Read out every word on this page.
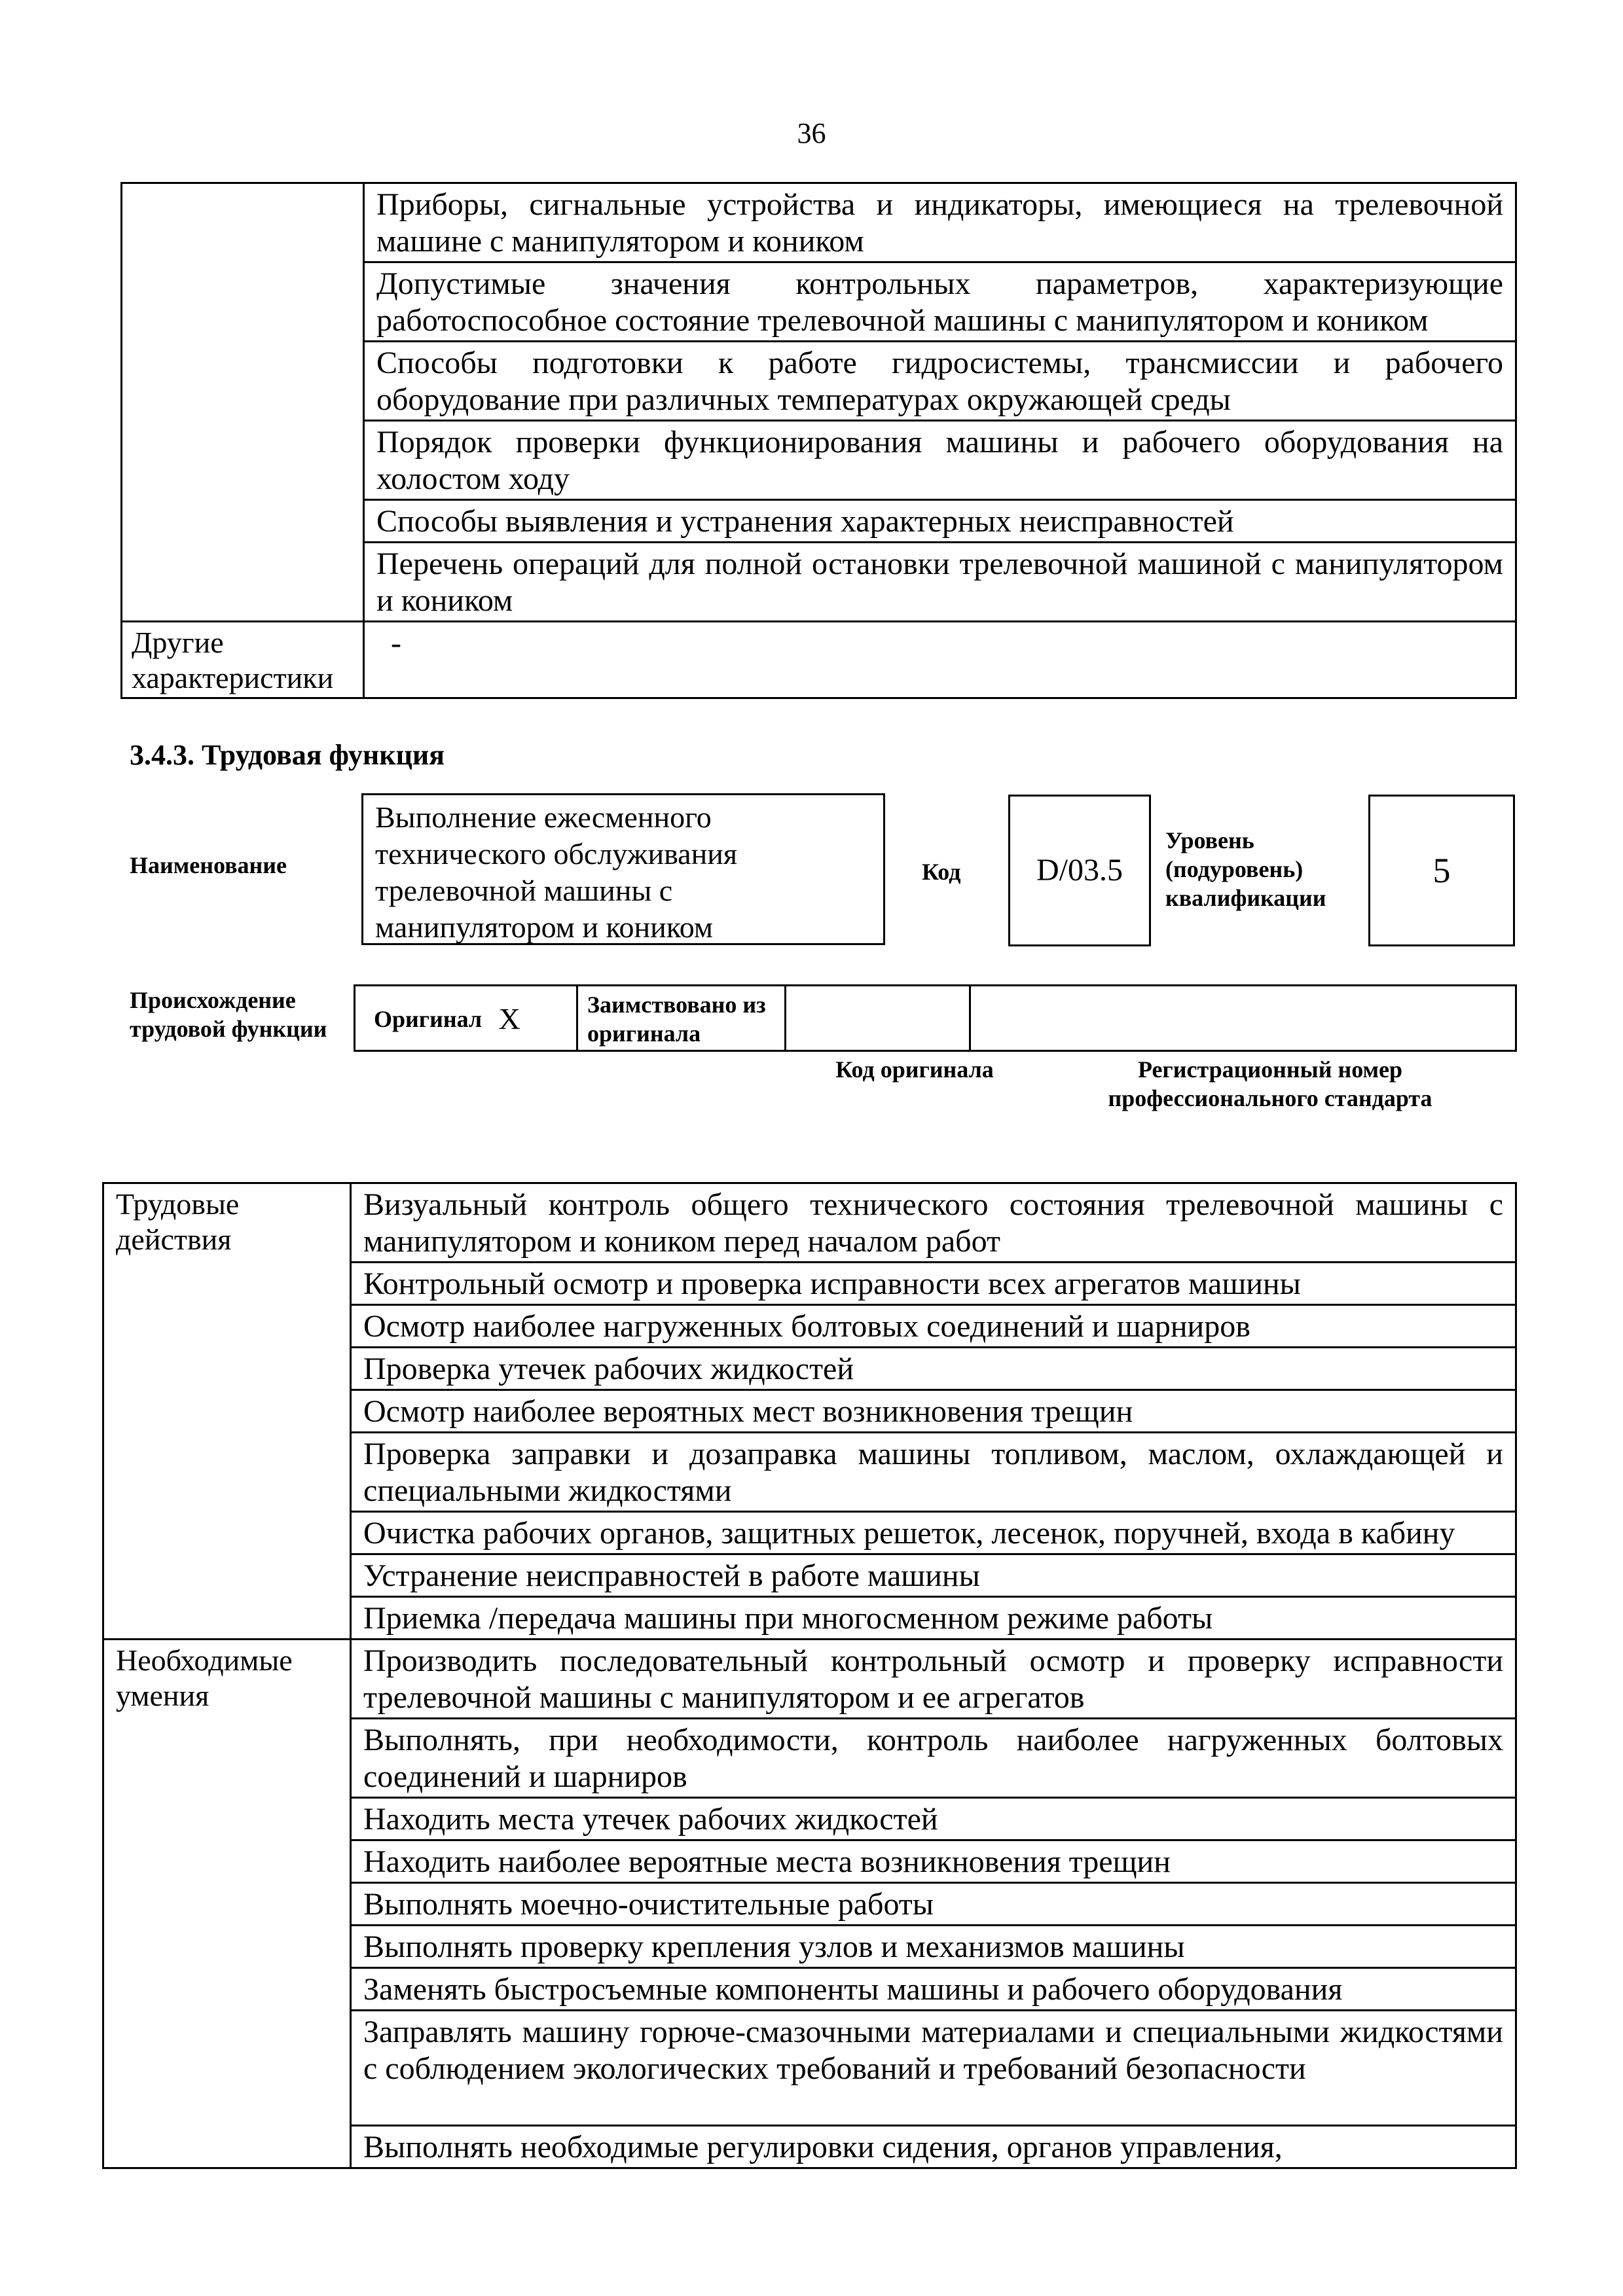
36
	Приборы, сигнальные устройства и индикаторы, имеющиеся на трелевочной машине с манипулятором и коником
	Допустимые значения контрольных параметров, характеризующие работоспособное состояние трелевочной машины с манипулятором и коником
	Способы подготовки к работе гидросистемы, трансмиссии и рабочего оборудование при различных температурах окружающей среды
	Порядок проверки функционирования машины и рабочего оборудования на холостом ходу
	Способы выявления и устранения характерных неисправностей
	Перечень операций для полной остановки трелевочной машиной с манипулятором и коником
Другие характеристики	-
3.4.3. Трудовая функция
Наименование
Выполнение ежесменного технического обслуживания трелевочной машины с манипулятором и коником
Код	D/03.5
Уровень (подуровень) квалификации
5
Происхождение трудовой функции	Оригинал	X	Заимствовано из оригинала		
Код оригинала	Регистрационный номер профессионального стандарта
Трудовые действия	Визуальный контроль общего технического состояния трелевочной машины с манипулятором и коником перед началом работ
	Контрольный осмотр и проверка исправности всех агрегатов машины
	Осмотр наиболее нагруженных болтовых соединений и шарниров
	Проверка утечек рабочих жидкостей
	Осмотр наиболее вероятных мест возникновения трещин
	Проверка заправки и дозаправка машины топливом, маслом, охлаждающей и специальными жидкостями
	Очистка рабочих органов, защитных решеток, лесенок, поручней, входа в кабину
	Устранение неисправностей в работе машины
	Приемка /передача машины при многосменном режиме работы
Необходимые умения	Производить последовательный контрольный осмотр и проверку исправности трелевочной машины с манипулятором и ее агрегатов
	Выполнять, при необходимости, контроль наиболее нагруженных болтовых соединений и шарниров
	Находить места утечек рабочих жидкостей
	Находить наиболее вероятные места возникновения трещин
	Выполнять моечно-очистительные работы
	Выполнять проверку крепления узлов и механизмов машины
	Заменять быстросъемные компоненты машины и рабочего оборудования
	Заправлять машину горюче-смазочными материалами и специальными жидкостями с соблюдением экологических требований и требований безопасности
	Выполнять необходимые регулировки сидения, органов управления,
